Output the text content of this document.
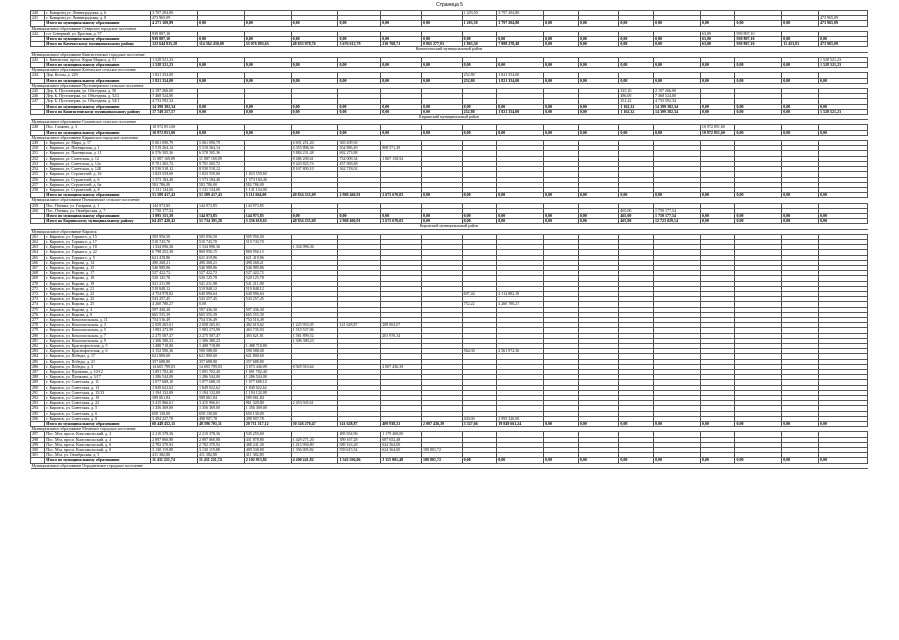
Страница 5
240	г. Камарзец ул. Ленинградская, д. 6	3 707 204,80							1 203,50	3 797 204,80								
241	г. Камарзец ул. Ленинградская, д. 8	473 965,09																473 965,09
	Итого по муниципальному образованию	4 271 169,89	0,00	0,00	0,00	0,00	0,00	0,00	1 203,50	3 797 204,80	0,00	0,00	0,00	0,00	0,00	0,00	0,00	473 965,09
Муниципальное образование Северское городское поселение																		
242	г.п. Северный, ул. Красная, д. 57	939 807,10													63,00	939 807,10		
	Итого по муниципальному образованию	939 807,10	0,00	0,00	0,00	0,00	0,00	0,00	0,00	0,00	0,00	0,00	0,00	0,00	63,00	939 807,10	0,00	0,00
	Итого по Камчатскому муниципальному району	122 644 935,28	114 362 430,08	53 076 893,63	48 033 878,76	3 676 612,79	210 768,71	8 865 277,03	1 863,30	7 888 278,48	0,00	0,00	0,00	0,00	63,00	939 807,10	11 453,81	473 965,09
Кингисеппский муниципальный район																		
Муниципальное образование Кингисеппское городское поселение																		
243	г. Кингисепп, просп. Карла Маркса, д. 51	1 528 521,23																1 528 521,23
	Итого по муниципальному образованию	1 528 521,23	0,00	0,00	0,00	0,00	0,00	0,00	0,00	0,00	0,00	0,00	0,00	0,00	0,00	0,00	0,00	1 528 521,23
Муниципальное образование Котельское сельское поселение																		
244	Дер. Котлы, д. 229	1 821 354,00							252,80	1 821 354,00								
	Итого по муниципальному образованию	1 821 354,00	0,00	0,00	0,00	0,00	0,00	0,00	252,80	1 821 354,00	0,00	0,00	0,00	0,00	0,00	0,00	0,00	0,00
Муниципальное образование Пустомержское сельское поселение																		
245	Дер. Б. Пустомержа, ул. Объездная, д. 50	2 197 266,00											325,10	2 197 266,00				
246	Дер. Б. Пустомержа, ул. Объездная, д. 52/2	7 468 524,00											486,00	7 468 524,00				
247	Дер. Б. Пустомержа, ул. Объездная, д. 54/1	4 733 592,34											351,22	4 733 592,34				
	Итого по муниципальному образованию	14 399 382,34	0,00	0,00	0,00	0,00	0,00	0,00	0,00	0,00	0,00	0,00	1 162,32	14 399 382,34	0,00	0,00	0,00	0,00
	Итого по Кингисеппскому муниципальному району	17 749 257,57	0,00	0,00	0,00	0,00	0,00	0,00	252,80	1 821 354,00	0,00	0,00	1 162,32	14 399 382,34	0,00	0,00	0,00	1 528 521,23
Киришский муниципальный район																		
Муниципальное образование Глажевское сельское поселение																		
248	Пос. Глажево, д. 3	10 972 851,60													10 972 851,60			
	Итого по муниципальному образованию	10 972 851,60	0,00	0,00	0,00	0,00	0,00	0,00	0,00	0,00	0,00	0,00	0,00	0,00	10 972 851,60	0,00	0,00	0,00
Муниципальное образование Киришское городское поселение																		
249	г. Кириши, ул. Мира, д. 17	5 061 090,79	5 061 090,79		4 691 251,20	369 209,50												
250	г. Кириши, ул. Пионерская, д. 1	5 519 264,14	5 519 264,14		4 355 806,36	354 886,49	808 571,29											
251	г. Кириши, ул. Пионерская, д. 11	6 576 505,36	6 578 505,36		5 884 231,48	692 273,88												
252	г. Кириши, ул. Советская, д. 12	11 087 169,09	11 087 169,09		8 486 200,61	734 009,34	1 867 158,94											
253	г. Кириши, ул. Советская, д. 12а	9 701 265,72	9 701 265,72		9 243 825,74	457 369,48												
254	г. Кириши, ул. Советская, д. 12Б	8 530 518,12	8 530 518,12		8 167 800,10	362 718,02												
255	г. Кириши, ул. Строителей, д. 16	1 823 559,60	1 823 559,60	1 823 559,60														
256	г. Кириши, ул. Строителей, д. 6	1 573 184,40	1 573 184,40	1 573 184,40														
257	г. Кириши, ул. Строителей, д. 6а	582 786,00	582 786,00	582 786,00														
258	г. Кириши, ул. Строителей, д. 8	1 131 134,00	1 131 134,00	1 131 134,00														
	Итого по муниципальному образованию	51 589 417,43	51 589 417,43	5 111 664,00	40 834 235,69	2 968 466,91	2 675 670,03	0,00	0,00	0,00	0,00	0,00	0,00	0,00	0,00	0,00	0,00	0,00
Муниципальное образование Пчевжинское сельское поселение																		
259	Пос. Пчевжа, ул. Гагарина, д. 1	144 973,85	144 973,85	144 973,85														
260	Пос. Пчевжа, ул. Октябрьская, д. 7	1 750 177,54											465,00	1 750 177,54				
	Итого по муниципальному образованию	1 895 151,39	144 973,85	144 973,85	0,00	0,00	0,00	0,00	0,00	0,00	0,00	0,00	465,00	1 750 177,54	0,00	0,00	0,00	0,00
	Итого по Киришскому муниципальному району	64 457 420,42	51 734 391,28	5 256 618,65	40 834 235,69	2 968 466,91	2 675 670,03	0,00	0,00	0,00	0,00	0,00	465,00	12 723 029,14	0,00	0,00	0,00	0,00
Кировский муниципальный район																		
Муниципальное образование Кировск																		
261	г. Кировск, ул. Горького, д. 15	505 956,50	505 956,50	505 956,50														
262	г. Кировск, ул. Горького, д. 17	510 743,70	510 743,70	510 743,70														
263	г. Кировск, ул. Горького, д. 18	1 334 096,36	1 334 096,36		1 334 096,36													
264	г. Кировск, ул. Горького, д. 22	6 798 252,38	869 956,15	869 956,15														
265	г. Кировск, ул. Горького, д. 5	621 419,86	621 419,86	621 419,86														
266	г. Кировск, ул. Кирова, д. 14	490 268,21	490 268,21	490 268,21														
267	г. Кировск, ул. Кирова, д. 15	546 989,86	546 989,86	546 989,86														
268	г. Кировск, ул. Кирова, д. 17	527 422,72	527 422,72	527 422,72														
269	г. Кировск, ул. Кирова, д. 18	520 125,78	520 125,78	520 125,78														
270	г. Кировск, ул. Кирова, д. 19	541 211,98	541 211,98	541 211,98														
271	г. Кировск, ул. Кирова, д. 21	519 848,12	519 848,12	519 848,12														
272	г. Кировск, ул. Кирова, д. 22	4 754 978,82	640 096,64	640 096,64					697,44	4 114 882,18								
273	г. Кировск, ул. Кирова, д. 23	543 257,45	543 257,45	543 257,45														
274	г. Кировск, ул. Кирова, д. 25	4 260 780,27	0,00						752,22	4 260 780,27								
275	г. Кировск, ул. Кирова, д. 4	597 436,30	597 436,30	597 436,30														
276	г. Кировск, ул. Кирова, д. 8	665 555,39	665 555,39	665 555,39														
277	г. Кировск, ул. Комсомольская, д. 11	754 516,49	754 516,49	754 516,49														
278	г. Кировск, ул. Комсомольская, д. 3	2 058 265,01	2 058 265,01	482 619,62	1 225 953,05	141 628,87	208 063,07											
279	г. Кировск, ул. Комсомольская, д. 5	1 983 273,99	1 983 273,99	463 735,93	1 519 537,06													
280	г. Кировск, ул. Комсомольская, д. 7	2 275 507,47	2 275 507,47	493 621,81	1 581 899,52		201 976,14											
281	г. Кировск, ул. Комсомольская, д. 9	1 306 380,23	1 306 380,23		1 306 380,23													
282	г. Кировск, ул. Краснофлотская, д. 5	1 488 718,80	1 488 718,80	1 488 718,80														
283	г. Кировск, ул. Краснофлотская, д. 6	3 152 580,36	590 588,00	590 588,00					564,30	2 561 972,36								
284	г. Кировск, ул. Победы, д. 17	621 800,60	621 800,60	621 800,60														
285	г. Кировск, ул. Победы, д. 21	357 688,80	357 688,80	357 688,80														
286	г. Кировск, ул. Победы, д. 3	14 605 799,03	14 605 799,03	3 673 446,09	8 929 916,64		2 007 436,39											
287	г. Кировск, ул. Пушкина, д. 10/12	1 091 702,40	1 091 702,40	1 091 702,40														
288	г. Кировск, ул. Пушкина, д. 3/17	1 286 544,00	1 286 544,00	1 286 544,00														
289	г. Кировск, ул. Советская, д. 11	1 077 688,10	1 077 688,10	1 077 688,10														
290	г. Кировск, ул. Советская, д. 13	1 849 022,62	1 849 022,62	1 849 022,62														
291	г. Кировск, ул. Советская, д. 15/13	1 194 132,09	1 194 132,09	1 194 132,09														
292	г. Кировск, ул. Советская, д. 19	589 061,84	589 061,84	589 061,84														
293	г. Кировск, ул. Советская, д. 22	3 415 966,61	3 415 966,61	961 320,80	2 453 945,61													
294	г. Кировск, ул. Советская, д. 5	1 356 369,00	1 356 369,00	1 356 369,00														
295	г. Кировск, ул. Советская, д. 6	650 130,00	650 130,00	650 130,00														
296	г. Кировск, ул. Советская, д. 8	3 494 227,78	498 907,78	498 907,78					430,00	2 995 320,00								
	Итого по муниципальному образованию	68 448 452,15	48 596 701,11	20 711 517,12	30 326 270,47	141 628,87	409 938,21	2 007 436,39	3 327,66	19 849 661,24	0,00	0,00	0,00	0,00	0,00	0,00	0,00	0,00
Муниципальное образование Мгинское городское поселение																		
297	Пос. Мга, просп. Комсомольский, д. 2	2 210 378,36	2 210 378,36	545 255,60		485 654,96	1 179 468,00											
298	Пос. Мга, просп. Комсомольский, д. 4	2 897 860,88	2 897 860,88	431 878,80	1 429 271,20	389 167,28	687 652,48											
299	Пос. Мга, просп. Комсомольский, д. 6	2 782 370,92	2 782 370,92	488 241,30	1 413 994,80	389 163,28	624 364,00											
300	Пос. Мга, просп. Комсомольский, д. 8	3 130 119,88	3 130 119,88	409 338,80	1 356 005,82	559 615,54	624 364,00	180 801,72										
301	Пос. Мга, ул. Октябрьская, д. 5	411 382,80	411 382,80	411 382,80														
	Итого по муниципальному образованию	11 431 221,74	11 431 221,74	2 102 913,82	4 200 241,82	1 543 594,06	3 115 801,48	180 801,72	0,00	0,00	0,00	0,00	0,00	0,00	0,00	0,00	0,00	0,00
Муниципальное образование Отрадненское городское поселение																		
